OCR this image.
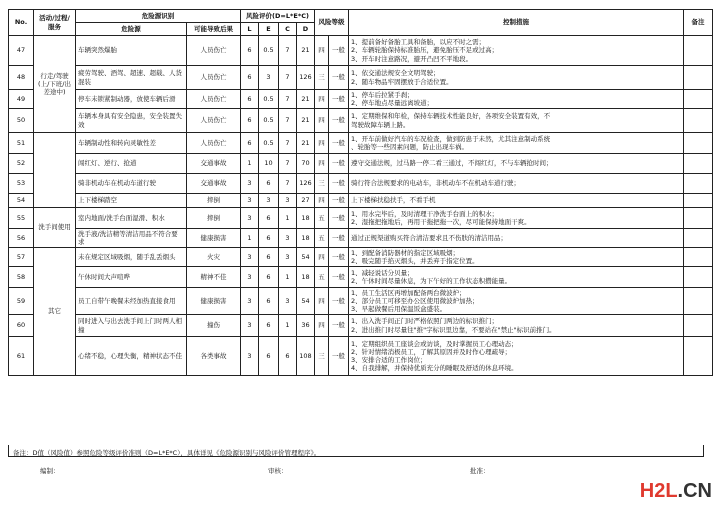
No.	活动/过程/服务	危险源识别		风险评价(D=L*E*C)				风险等级		控制措施	备注
		危险源	可能导致后果	L	E	C	D				
47	行走/驾驶(上/下班/出差途中)	车辆突然爆胎	人员伤亡	6	0.5	7	21	四	一般	1、提前备好备胎工具和备胎，以应不时之需；
2、车辆轮胎保持标准胎压，避免胎压不足或过高；
3、开车时注意路况，避开凸凹不平地段。	

48		疲劳驾驶、酒驾、超速、超载、人货混装	人员伤亡	6	3	7	126	三	一般	1、依交通法规安全文明驾驶；
2、随车物品牢固摆放于合适位置。	

49		停车未锁紧制动器，放使车辆后滑	人员伤亡	6	0.5	7	21	四	一般	1、停车后拉紧手刹；
2、停车地点尽量远离坡道；	

50		车辆本身具有安全隐患，安全装置失效	人员伤亡	6	0.5	7	21	四	一般	1、定期维保和年检，保持车辆技术性能良好，各项安全装置有效，不
驾驶故障车辆上路。	

51		车辆制动性和转向灵敏性差	人员伤亡	6	0.5	7	21	四	一般	1、开车前做好汽车的车况检查，做到防患于未然，尤其注意制动系统
、轮胎等一些因素问题，防止出现车祸。	

52		闯红灯、逆行、抢道	交通事故	1	10	7	70	四	一般	遵守交通法规，过马路一停二看三通过，不闯红灯，不与车辆抢时间；	

53		骑非机动车在机动车道行驶	交通事故	3	6	7	126	三	一般	骑行符合法规要求的电动车，非机动车不在机动车道行驶；	

54		上下楼梯踏空	摔倒	3	3	3	27	四	一般	上下楼梯扶稳扶手，不看手机	

55	洗手间使用	室内地面/洗手台面湿滑、积水	摔倒	3	6	1	18	五	一般	1、用水完毕后，及时清理干净洗手台面上的积水；
2、湿拖把拖地后，再用干拖把拖一次，尽可能保持地面干爽。	

56		洗手液/洗洁精等清洁用品不符合要求	健康损害	1	6	3	18	五	一般	通过正规渠道购买符合清洁要求且不伤肤的清洁用品；	

57	其它	未在规定区域吸烟，随手乱丢烟头	火灾	3	6	3	54	四	一般	1、到配备消防器材的指定区域吸烟；
2、吸完随手掐灭烟头，并丢弃于指定位置。	

58		午休时间大声喧哗	精神不佳	3	6	1	18	五	一般	1、减轻说话分贝量；
2、午休时间尽量休息，为下午好的工作状态积攒能量。	

59		员工自带午晚餐未经加热直接食用	健康损害	3	6	3	54	四	一般	1、员工生活区再增加配备两台微波炉；
2、部分员工可移至办公区使用微波炉加热；
3、早起做餐后用保温饭盒盛装。	

60		同时进入与出去洗手间上门时两人相撞	撞伤	3	6	1	36	四	一般	1、出入洗手间正门时严格依照门两边的标识推门；
2、进出推门时尽量往"推"字标识里边靠，不要站在"禁止"标识前推门。	

61		心绪不稳，心理失衡，精神状态不佳	各类事故	3	6	6	108	三	一般	1、定期组织员工座谈会或访谈，及时掌握员工心理动态；
2、针对情绪消极员工，了解其原因并及时作心理疏导；
3、安排合适的工作岗位；
4、自我排解，并保持优质充分的睡眠及舒适的休息环境。	

备注：D值（风险值）参照危险等级评价准则（D=L*E*C），具体详见《危险源识别与风险评价管理程序》。
编制：	审核：	批准：
H2L.CN
